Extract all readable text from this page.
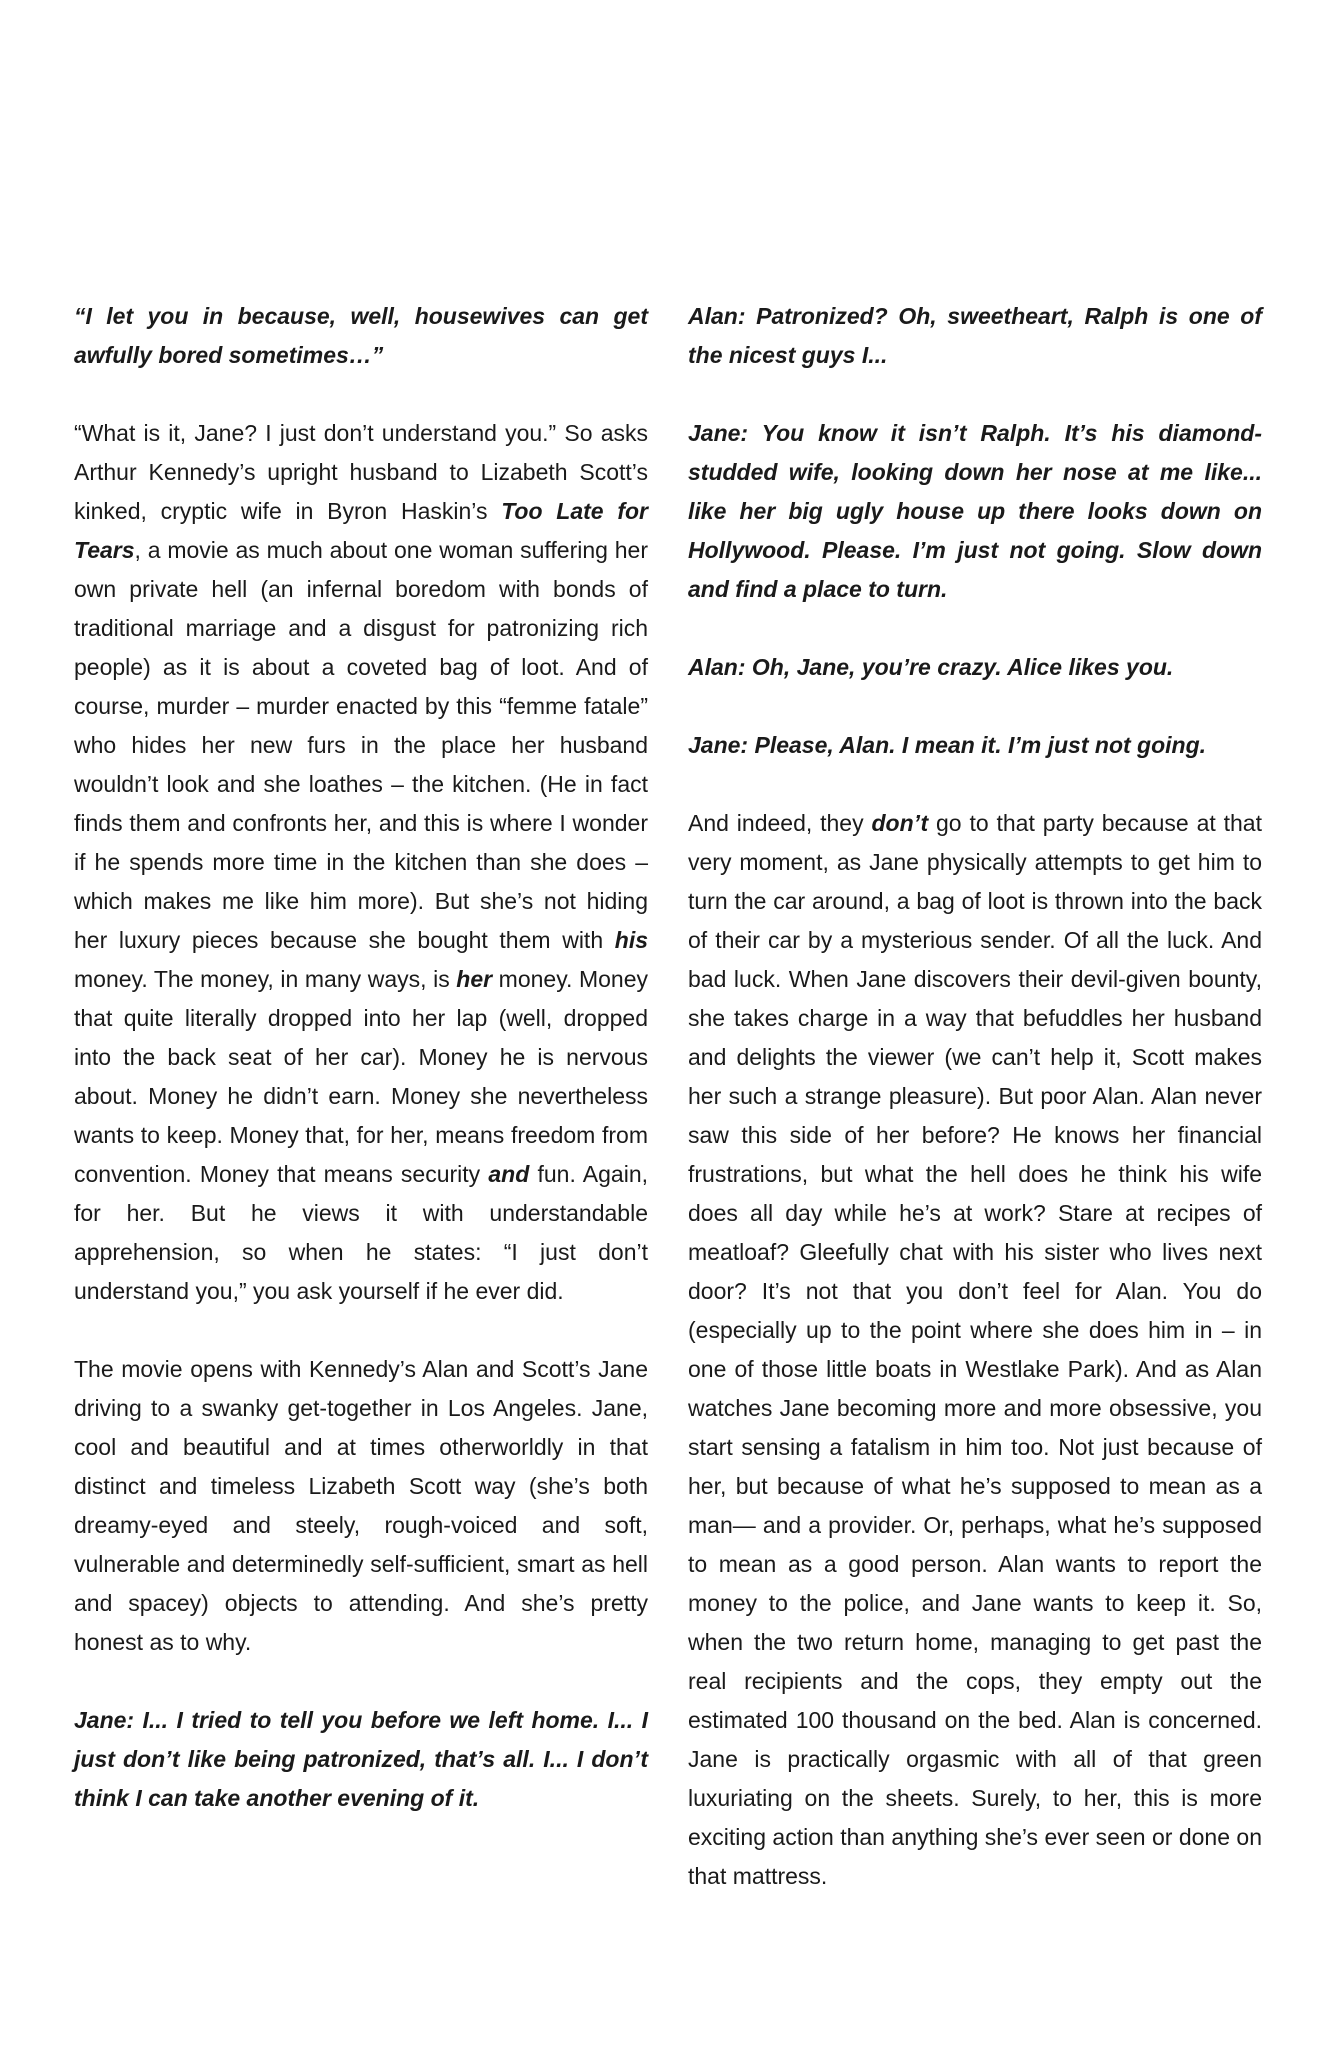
“I let you in because, well, housewives can get awfully bored sometimes…”

“What is it, Jane? I just don’t understand you.” So asks Arthur Kennedy’s upright husband to Lizabeth Scott’s kinked, cryptic wife in Byron Haskin’s Too Late for Tears, a movie as much about one woman suffering her own private hell (an infernal boredom with bonds of traditional marriage and a disgust for patronizing rich people) as it is about a coveted bag of loot. And of course, murder – murder enacted by this “femme fatale” who hides her new furs in the place her husband wouldn’t look and she loathes – the kitchen. (He in fact finds them and confronts her, and this is where I wonder if he spends more time in the kitchen than she does – which makes me like him more). But she’s not hiding her luxury pieces because she bought them with his money. The money, in many ways, is her money. Money that quite literally dropped into her lap (well, dropped into the back seat of her car). Money he is nervous about. Money he didn’t earn. Money she nevertheless wants to keep. Money that, for her, means freedom from convention. Money that means security and fun. Again, for her. But he views it with understandable apprehension, so when he states: “I just don’t understand you,” you ask yourself if he ever did.

The movie opens with Kennedy’s Alan and Scott’s Jane driving to a swanky get-together in Los Angeles. Jane, cool and beautiful and at times otherworldly in that distinct and timeless Lizabeth Scott way (she’s both dreamy-eyed and steely, rough-voiced and soft, vulnerable and determinedly self-sufficient, smart as hell and spacey) objects to attending. And she’s pretty honest as to why.

Jane: I... I tried to tell you before we left home. I... I just don’t like being patronized, that’s all. I... I don’t think I can take another evening of it.

Alan: Patronized? Oh, sweetheart, Ralph is one of the nicest guys I...

Jane: You know it isn’t Ralph. It’s his diamond-studded wife, looking down her nose at me like... like her big ugly house up there looks down on Hollywood. Please. I’m just not going. Slow down and find a place to turn.

Alan: Oh, Jane, you’re crazy. Alice likes you.

Jane: Please, Alan. I mean it. I’m just not going.

And indeed, they don’t go to that party because at that very moment, as Jane physically attempts to get him to turn the car around, a bag of loot is thrown into the back of their car by a mysterious sender. Of all the luck. And bad luck. When Jane discovers their devil-given bounty, she takes charge in a way that befuddles her husband and delights the viewer (we can’t help it, Scott makes her such a strange pleasure). But poor Alan. Alan never saw this side of her before? He knows her financial frustrations, but what the hell does he think his wife does all day while he’s at work? Stare at recipes of meatloaf? Gleefully chat with his sister who lives next door? It’s not that you don’t feel for Alan. You do (especially up to the point where she does him in – in one of those little boats in Westlake Park). And as Alan watches Jane becoming more and more obsessive, you start sensing a fatalism in him too. Not just because of her, but because of what he’s supposed to mean as a man— and a provider. Or, perhaps, what he’s supposed to mean as a good person. Alan wants to report the money to the police, and Jane wants to keep it. So, when the two return home, managing to get past the real recipients and the cops, they empty out the estimated 100 thousand on the bed. Alan is concerned. Jane is practically orgasmic with all of that green luxuriating on the sheets. Surely, to her, this is more exciting action than anything she’s ever seen or done on that mattress.
